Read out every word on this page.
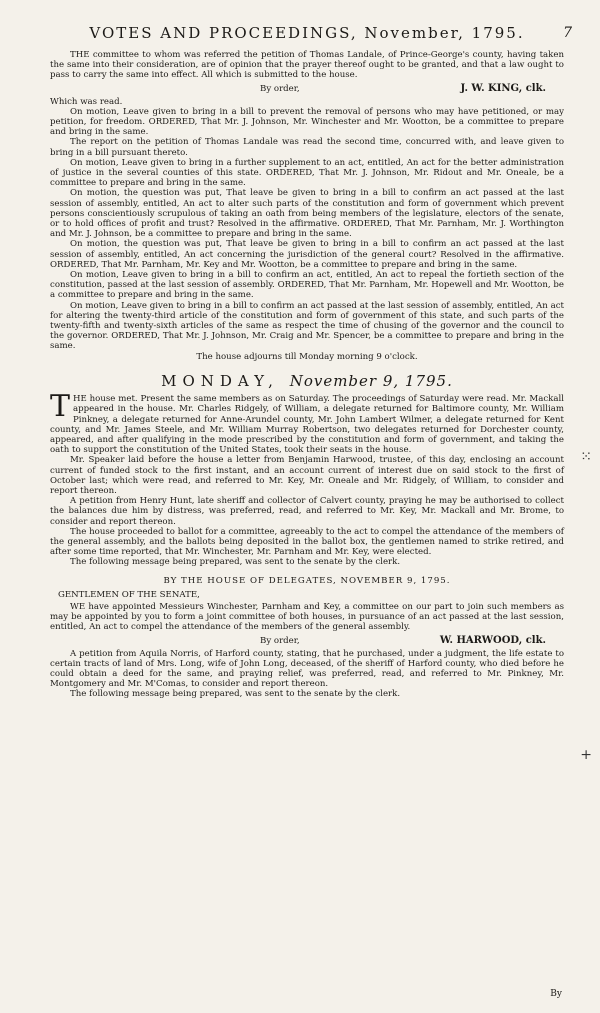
VOTES AND PROCEEDINGS, November, 1795.	7

THE committee to whom was referred the petition of Thomas Landale, of Prince-George's county, having taken the same into their consideration, are of opinion that the prayer thereof ought to be granted, and that a law ought to pass to carry the same into effect. All which is submitted to the house.

By order,	J. W. KING, clk.

Which was read.

On motion, Leave given to bring in a bill to prevent the removal of persons who may have petitioned, or may petition, for freedom. ORDERED, That Mr. J. Johnson, Mr. Winchester and Mr. Wootton, be a committee to prepare and bring in the same.

The report on the petition of Thomas Landale was read the second time, concurred with, and leave given to bring in a bill pursuant thereto.

On motion, Leave given to bring in a further supplement to an act, entitled, An act for the better administration of justice in the several counties of this state. ORDERED, That Mr. J. Johnson, Mr. Ridout and Mr. Oneale, be a committee to prepare and bring in the same.

On motion, the question was put, That leave be given to bring in a bill to confirm an act passed at the last session of assembly, entitled, An act to alter such parts of the constitution and form of government which prevent persons conscientiously scrupulous of taking an oath from being members of the legislature, electors of the senate, or to hold offices of profit and trust? Resolved in the affirmative. ORDERED, That Mr. Parnham, Mr. J. Worthington and Mr. J. Johnson, be a committee to prepare and bring in the same.

On motion, the question was put, That leave be given to bring in a bill to confirm an act passed at the last session of assembly, entitled, An act concerning the jurisdiction of the general court? Resolved in the affirmative. ORDERED, That Mr. Parnham, Mr. Key and Mr. Wootton, be a committee to prepare and bring in the same.

On motion, Leave given to bring in a bill to confirm an act, entitled, An act to repeal the fortieth section of the constitution, passed at the last session of assembly. ORDERED, That Mr. Parnham, Mr. Hopewell and Mr. Wootton, be a committee to prepare and bring in the same.

On motion, Leave given to bring in a bill to confirm an act passed at the last session of assembly, entitled, An act for altering the twenty-third article of the constitution and form of government of this state, and such parts of the twenty-fifth and twenty-sixth articles of the same as respect the time of chusing of the governor and the council to the governor. ORDERED, That Mr. J. Johnson, Mr. Craig and Mr. Spencer, be a committee to prepare and bring in the same.

The house adjourns till Monday morning 9 o'clock.

MONDAY, November 9, 1795.

THE house met. Present the same members as on Saturday. The proceedings of Saturday were read. Mr. Mackall appeared in the house. Mr. Charles Ridgely, of William, a delegate returned for Baltimore county, Mr. William Pinkney, a delegate returned for Anne-Arundel county, Mr. John Lambert Wilmer, a delegate returned for Kent county, and Mr. James Steele, and Mr. William Murray Robertson, two delegates returned for Dorchester county, appeared, and after qualifying in the mode prescribed by the constitution and form of government, and taking the oath to support the constitution of the United States, took their seats in the house.

Mr. Speaker laid before the house a letter from Benjamin Harwood, trustee, of this day, enclosing an account current of funded stock to the first instant, and an account current of interest due on said stock to the first of October last; which were read, and referred to Mr. Key, Mr. Oneale and Mr. Ridgely, of William, to consider and report thereon.

A petition from Henry Hunt, late sheriff and collector of Calvert county, praying he may be authorised to collect the balances due him by distress, was preferred, read, and referred to Mr. Key, Mr. Mackall and Mr. Brome, to consider and report thereon.

The house proceeded to ballot for a committee, agreeably to the act to compel the attendance of the members of the general assembly, and the ballots being deposited in the ballot box, the gentlemen named to strike retired, and after some time reported, that Mr. Winchester, Mr. Parnham and Mr. Key, were elected.

The following message being prepared, was sent to the senate by the clerk.

BY THE HOUSE OF DELEGATES, NOVEMBER 9, 1795.

GENTLEMEN OF THE SENATE,

WE have appointed Messieurs Winchester, Parnham and Key, a committee on our part to join such members as may be appointed by you to form a joint committee of both houses, in pursuance of an act passed at the last session, entitled, An act to compel the attendance of the members of the general assembly.

By order,	W. HARWOOD, clk.

A petition from Aquila Norris, of Harford county, stating, that he purchased, under a judgment, the life estate to certain tracts of land of Mrs. Long, wife of John Long, deceased, of the sheriff of Harford county, who died before he could obtain a deed for the same, and praying relief, was preferred, read, and referred to Mr. Pinkney, Mr. Montgomery and Mr. M'Comas, to consider and report thereon.

The following message being prepared, was sent to the senate by the clerk.

⁙
+
By
